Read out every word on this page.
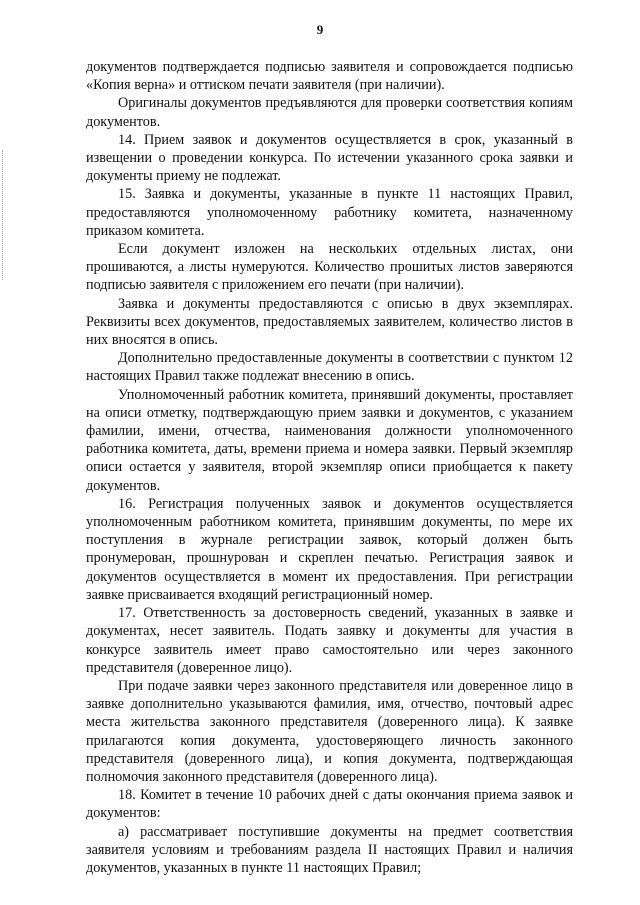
9

документов подтверждается подписью заявителя и сопровождается подписью «Копия верна» и оттиском печати заявителя (при наличии).

Оригиналы документов предъявляются для проверки соответствия копиям документов.

14. Прием заявок и документов осуществляется в срок, указанный в извещении о проведении конкурса. По истечении указанного срока заявки и документы приему не подлежат.

15. Заявка и документы, указанные в пункте 11 настоящих Правил, предоставляются уполномоченному работнику комитета, назначенному приказом комитета.

Если документ изложен на нескольких отдельных листах, они прошиваются, а листы нумеруются. Количество прошитых листов заверяются подписью заявителя с приложением его печати (при наличии).

Заявка и документы предоставляются с описью в двух экземплярах. Реквизиты всех документов, предоставляемых заявителем, количество листов в них вносятся в опись.

Дополнительно предоставленные документы в соответствии с пунктом 12 настоящих Правил также подлежат внесению в опись.

Уполномоченный работник комитета, принявший документы, проставляет на описи отметку, подтверждающую прием заявки и документов, с указанием фамилии, имени, отчества, наименования должности уполномоченного работника комитета, даты, времени приема и номера заявки. Первый экземпляр описи остается у заявителя, второй экземпляр описи приобщается к пакету документов.

16. Регистрация полученных заявок и документов осуществляется уполномоченным работником комитета, принявшим документы, по мере их поступления в журнале регистрации заявок, который должен быть пронумерован, прошнурован и скреплен печатью. Регистрация заявок и документов осуществляется в момент их предоставления. При регистрации заявке присваивается входящий регистрационный номер.

17. Ответственность за достоверность сведений, указанных в заявке и документах, несет заявитель. Подать заявку и документы для участия в конкурсе заявитель имеет право самостоятельно или через законного представителя (доверенное лицо).

При подаче заявки через законного представителя или доверенное лицо в заявке дополнительно указываются фамилия, имя, отчество, почтовый адрес места жительства законного представителя (доверенного лица). К заявке прилагаются копия документа, удостоверяющего личность законного представителя (доверенного лица), и копия документа, подтверждающая полномочия законного представителя (доверенного лица).

18. Комитет в течение 10 рабочих дней с даты окончания приема заявок и документов:

а) рассматривает поступившие документы на предмет соответствия заявителя условиям и требованиям раздела II настоящих Правил и наличия документов, указанных в пункте 11 настоящих Правил;
